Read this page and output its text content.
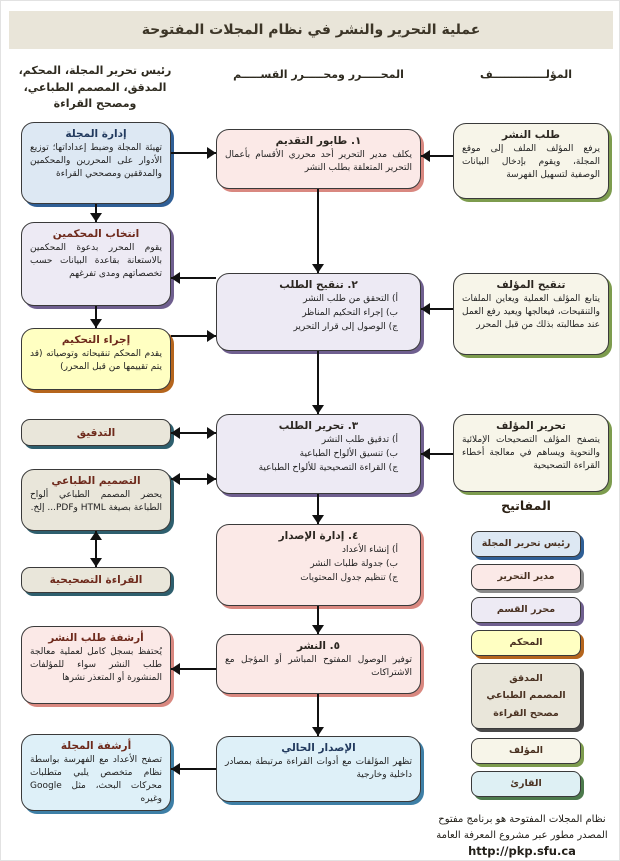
عملية التحرير والنشر في نظام المجلات المفتوحة
المؤلــــــــــــــف
المحـــــرر ومحـــــرر القســـــم
رئيس تحرير المجلة، المحكم، المدقق، المصمم الطباعي، ومصحح القراءة
طلب النشر
يرفع المؤلف الملف إلى موقع المجلة، ويقوم بإدخال البيانات الوصفية لتسهيل الفهرسة
تنقيح المؤلف
يتابع المؤلف العملية ويعاين الملفات والتنقيحات، فيعالجها ويعيد رفع العمل عند مطالبته بذلك من قبل المحرر
تحرير المؤلف
يتصفح المؤلف التصحيحات الإملائية والنحوية ويساهم في معالجة أخطاء القراءة التصحيحية
١. طابور التقديم
يكلف مدير التحرير أحد محرري الأقسام بأعمال التحرير المتعلقة بطلب النشر
٢. تنقيح الطلب
أ) التحقق من طلب النشر
ب) إجراء التحكيم المناظر
ج) الوصول إلى قرار التحرير
٣. تحرير الطلب
أ) تدقيق طلب النشر
ب) تنسيق الألواح الطباعية
ج) القراءة التصحيحية للألواح الطباعية
٤. إدارة الإصدار
أ) إنشاء الأعداد
ب) جدولة طلبات النشر
ج) تنظيم جدول المحتويات
٥. النشر
توفير الوصول المفتوح المباشر أو المؤجل مع الاشتراكات
الإصدار الحالي
تظهر المؤلفات مع أدوات القراءة مرتبطة بمصادر داخلية وخارجية
إدارة المجلة
تهيئة المجلة وضبط إعداداتها؛ توزيع الأدوار على المحررين والمحكمين والمدققين ومصححي القراءة
انتخاب المحكمين
يقوم المحرر بدعوة المحكمين بالاستعانة بقاعدة البيانات حسب تخصصاتهم ومدى تفرغهم
إجراء التحكيم
يقدم المحكم تنقيحاته وتوصياته (قد يتم تقييمها من قبل المحرر)
التدقيق
التصميم الطباعي
يحضر المصمم الطباعي ألواح الطباعة بصيغة HTML وPDF... إلخ.
القراءة التصحيحية
أرشفة طلب النشر
يُحتفظ بسجل كامل لعملية معالجة طلب النشر سواء للمؤلفات المنشورة أو المتعذر نشرها
أرشفة المجلة
تصفح الأعداد مع الفهرسة بواسطة نظام متخصص يلبي متطلبات محركات البحث، مثل Google وغيره
المفاتيح
رئيس تحرير المجلة
مدير التحرير
محرر القسم
المحكم
المدقق
المصمم الطباعي
مصحح القراءة
المؤلف
القارئ
نظام المجلات المفتوحة هو برنامج مفتوح
المصدر مطور عبر مشروع المعرفة العامة
http://pkp.sfu.ca
